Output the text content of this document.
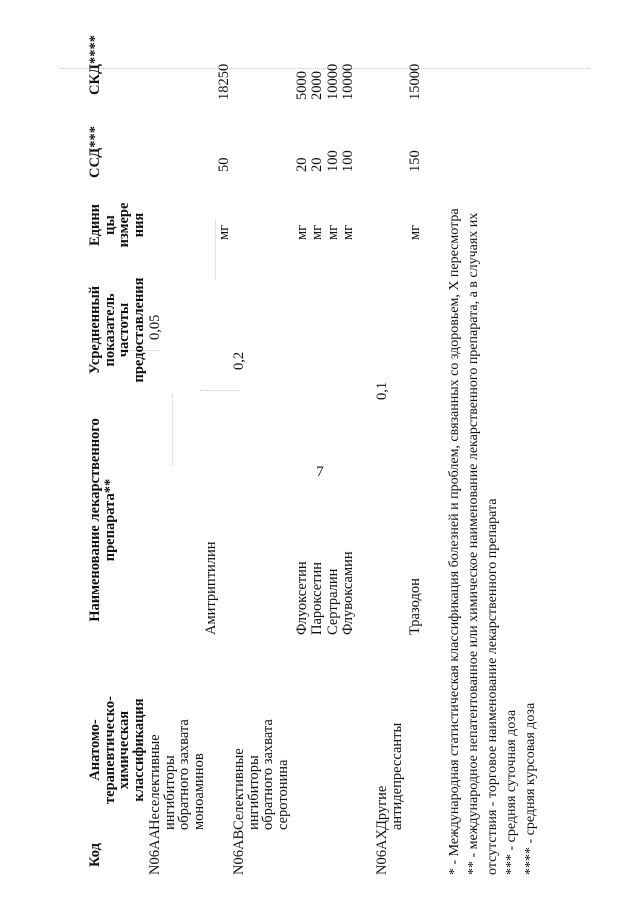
7
Код
Анатомо-
терапевтическо-
химическая
классификация
Наименование лекарственного
препарата**
Усредненный
показатель
частоты
предоставления
Едини
цы
измере
ния
ССД***
СКД****
N06AA
Неселективные
ингибиторы
обратного захвата
моноаминов
0,05
Амитриптилин
мг
50
18250
N06AB
Селективные
ингибиторы
обратного захвата
серотонина
0,2
Флуоксетин Пароксетин Сертралин Флувоксамин
мг мг мг мг
20 20 100 100
5000 2000 10000 10000
N06AX
Другие
антидепрессанты
0,1
Тразодон
мг
150
15000
* - Международная статистическая классификация болезней и проблем, связанных со здоровьем, X пересмотра ** - международное непатентованное или химическое наименование лекарственного препарата, а в случаях их отсутствия - торговое наименование лекарственного препарата *** - средняя суточная доза **** - средняя курсовая доза
